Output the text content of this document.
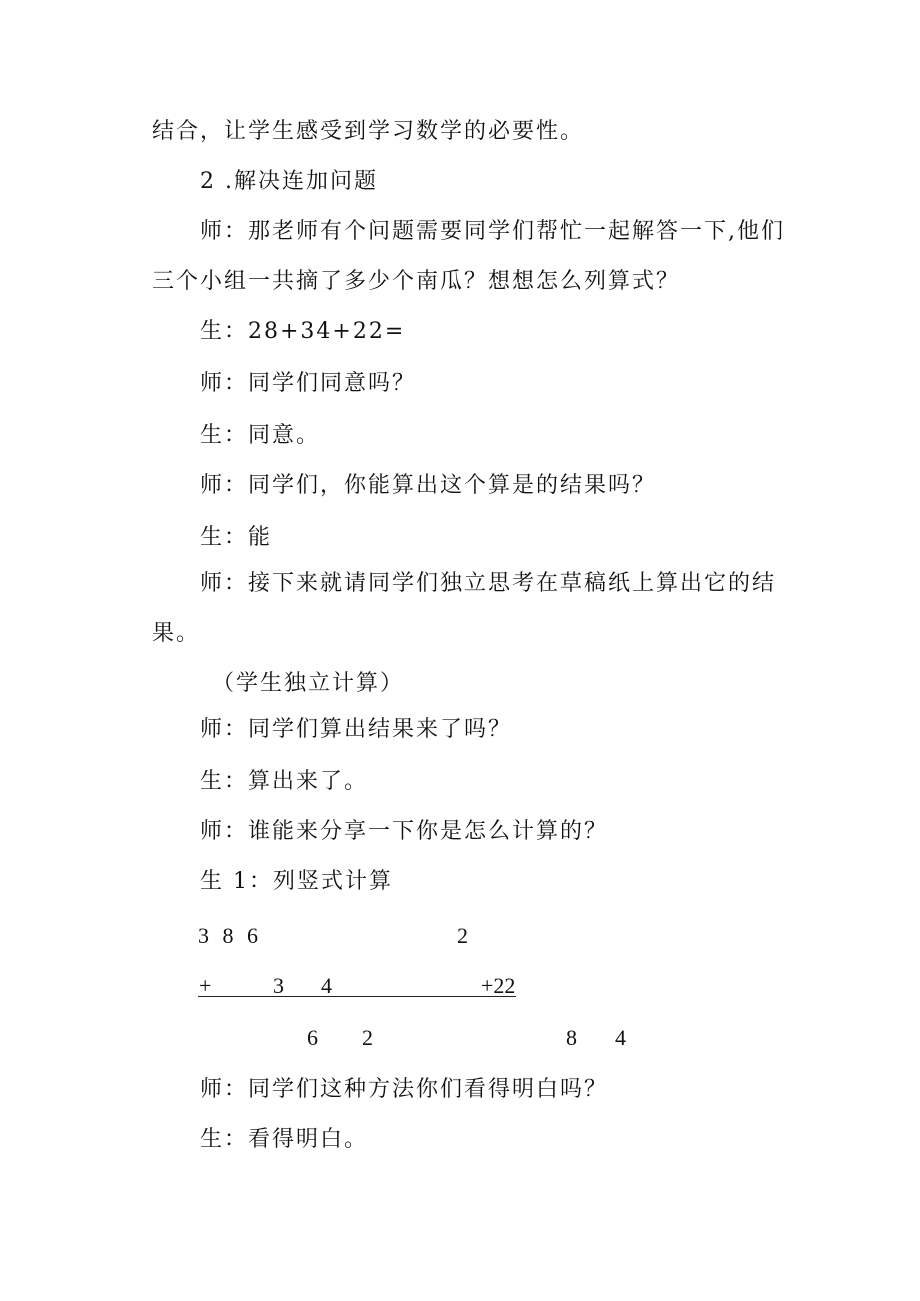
结合，让学生感受到学习数学的必要性。
2 .解决连加问题
师：那老师有个问题需要同学们帮忙一起解答一下,他们
三个小组一共摘了多少个南瓜？想想怎么列算式？
生：28+34+22=
师：同学们同意吗？
生：同意。
师：同学们，你能算出这个算是的结果吗？
生：能
师：接下来就请同学们独立思考在草稿纸上算出它的结
果。
（学生独立计算）
师：同学们算出结果来了吗？
生：算出来了。
师：谁能来分享一下你是怎么计算的？
生 1：列竖式计算
3 8 6	2
+	3 4	+22
6 2	8 4
师：同学们这种方法你们看得明白吗？
生：看得明白。
